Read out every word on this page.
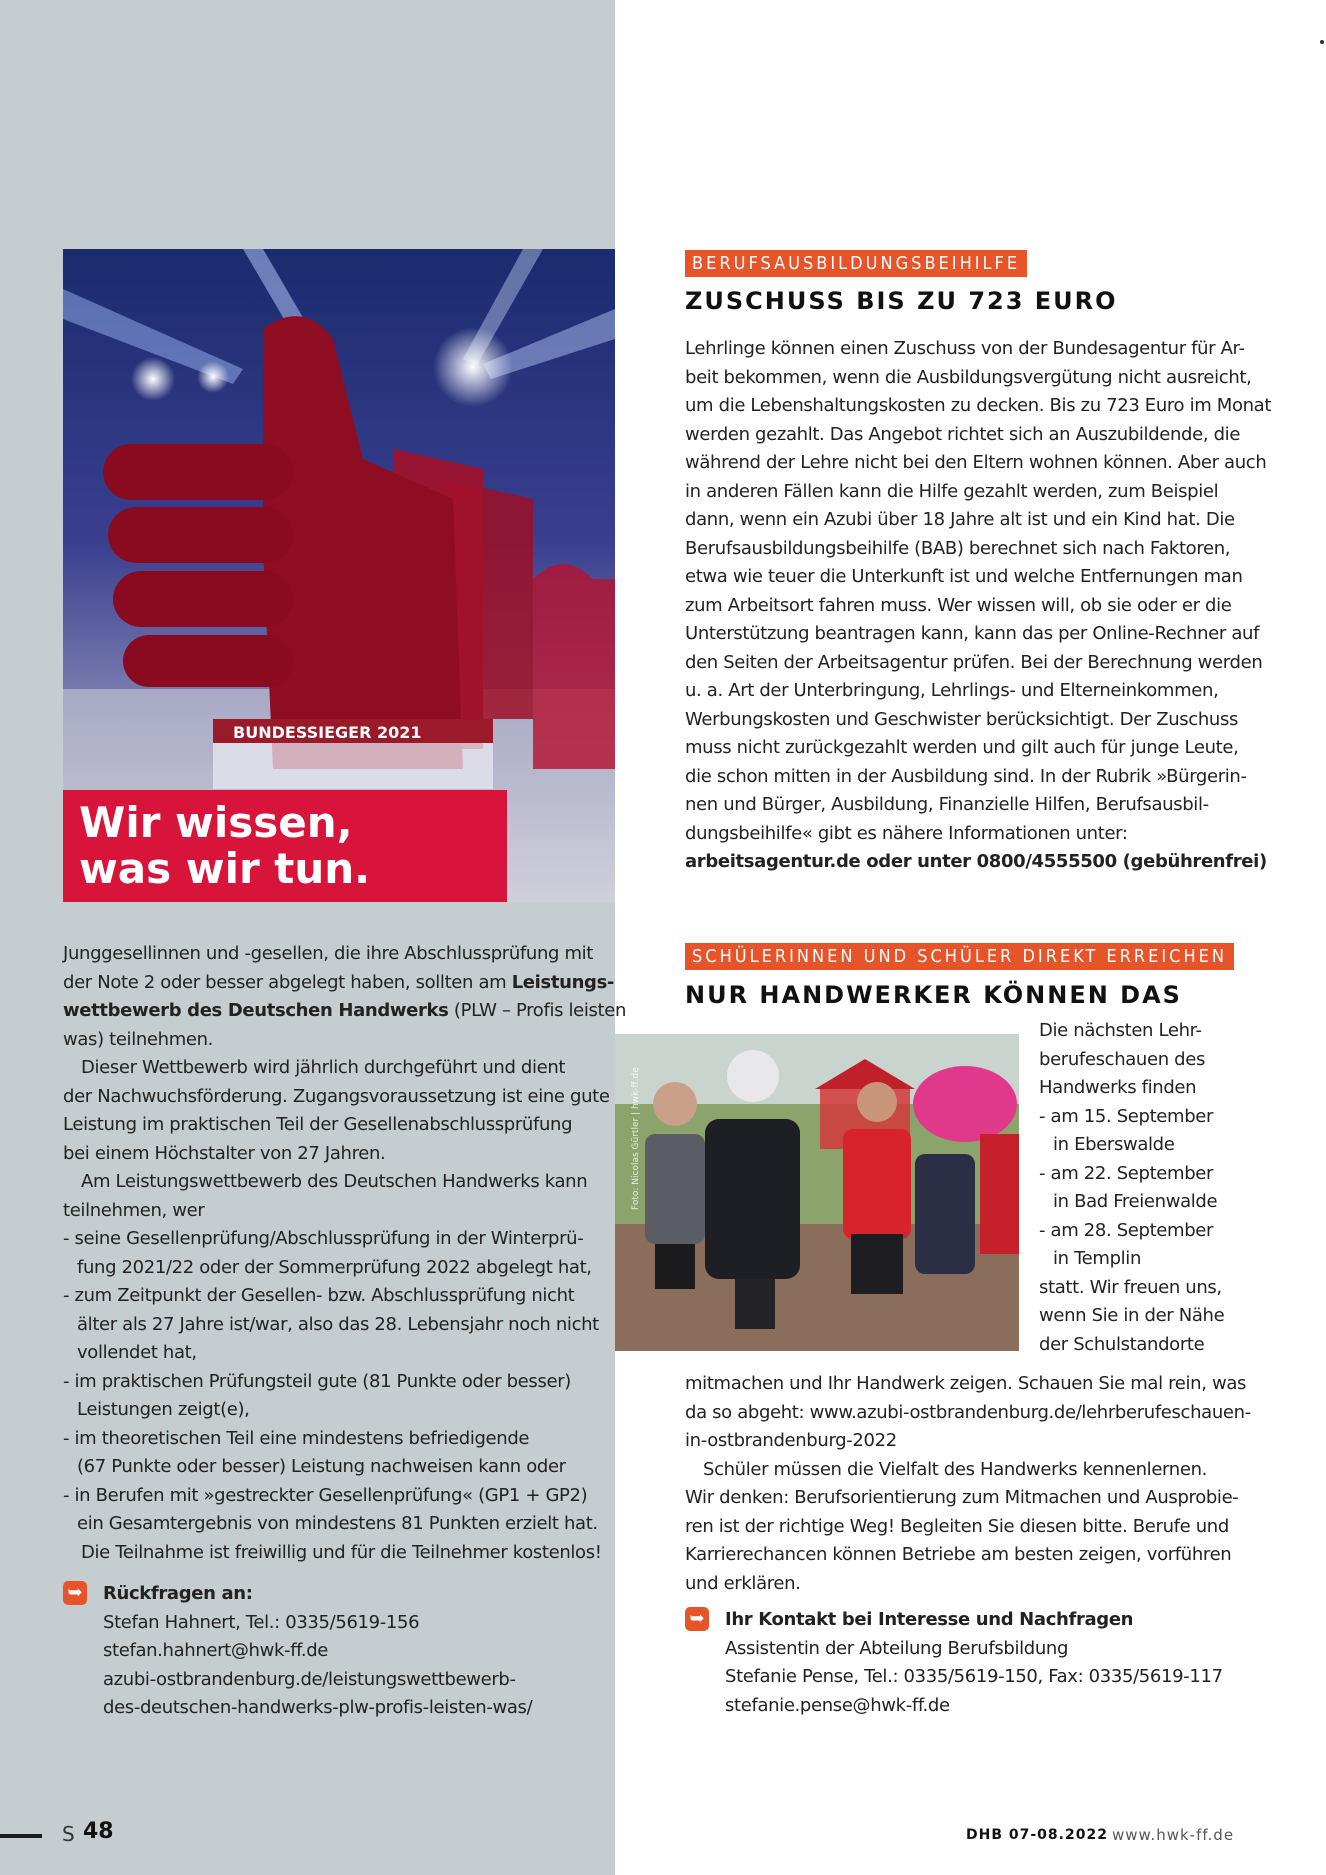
BUNDESSIEGER 2021
Wir wissen,
was wir tun.
BERUFSAUSBILDUNGSBEIHILFE
ZUSCHUSS BIS ZU 723 EURO

Lehrlinge können einen Zuschuss von der Bundesagentur für Ar-

beit bekommen, wenn die Ausbildungsvergütung nicht ausreicht,

um die Lebenshaltungskosten zu decken. Bis zu 723 Euro im Monat

werden gezahlt. Das Angebot richtet sich an Auszubildende, die

während der Lehre nicht bei den Eltern wohnen können. Aber auch

in anderen Fällen kann die Hilfe gezahlt werden, zum Beispiel

dann, wenn ein Azubi über 18 Jahre alt ist und ein Kind hat. Die

Berufsausbildungsbeihilfe (BAB) berechnet sich nach Faktoren,

etwa wie teuer die Unterkunft ist und welche Entfernungen man

zum Arbeitsort fahren muss. Wer wissen will, ob sie oder er die

Unterstützung beantragen kann, kann das per Online-Rechner auf

den Seiten der Arbeitsagentur prüfen. Bei der Berechnung werden

u. a. Art der Unterbringung, Lehrlings- und Elterneinkommen,

Werbungskosten und Geschwister berücksichtigt. Der Zuschuss

muss nicht zurückgezahlt werden und gilt auch für junge Leute,

die schon mitten in der Ausbildung sind. In der Rubrik »Bürgerin-

nen und Bürger, Ausbildung, Finanzielle Hilfen, Berufsausbil-

dungsbeihilfe« gibt es nähere Informationen unter:

arbeitsagentur.de oder unter 0800/4555500 (gebührenfrei)

Junggesellinnen und -gesellen, die ihre Abschlussprüfung mit

der Note 2 oder besser abgelegt haben, sollten am Leistungs-

wettbewerb des Deutschen Handwerks (PLW – Profis leisten

was) teilnehmen.

Dieser Wettbewerb wird jährlich durchgeführt und dient

der Nachwuchsförderung. Zugangsvoraussetzung ist eine gute

Leistung im praktischen Teil der Gesellenabschlussprüfung

bei einem Höchstalter von 27 Jahren.

Am Leistungswettbewerb des Deutschen Handwerks kann

teilnehmen, wer

- seine Gesellenprüfung/Abschlussprüfung in der Winterprü-

fung 2021/22 oder der Sommerprüfung 2022 abgelegt hat,

- zum Zeitpunkt der Gesellen- bzw. Abschlussprüfung nicht

älter als 27 Jahre ist/war, also das 28. Lebensjahr noch nicht

vollendet hat,

- im praktischen Prüfungsteil gute (81 Punkte oder besser)

Leistungen zeigt(e),

- im theoretischen Teil eine mindestens befriedigende

(67 Punkte oder besser) Leistung nachweisen kann oder

- in Berufen mit »gestreckter Gesellenprüfung« (GP1 + GP2)

ein Gesamtergebnis von mindestens 81 Punkten erzielt hat.

Die Teilnahme ist freiwillig und für die Teilnehmer kostenlos!

➥ Rückfragen an:

Stefan Hahnert, Tel.: 0335/5619-156

stefan.hahnert@hwk-ff.de

azubi-ostbrandenburg.de/leistungswettbewerb-

des-deutschen-handwerks-plw-profis-leisten-was/

SCHÜLERINNEN UND SCHÜLER DIREKT ERREICHEN
NUR HANDWERKER KÖNNEN DAS
Foto: Nicolas Gürtler | hwk-ff.de

Die nächsten Lehr-

berufeschauen des

Handwerks finden

- am 15. September

in Eberswalde

- am 22. September

in Bad Freienwalde

- am 28. September

in Templin

statt. Wir freuen uns,

wenn Sie in der Nähe

der Schulstandorte

mitmachen und Ihr Handwerk zeigen. Schauen Sie mal rein, was

da so abgeht: www.azubi-ostbrandenburg.de/lehrberufeschauen-

in-ostbrandenburg-2022

Schüler müssen die Vielfalt des Handwerks kennenlernen.

Wir denken: Berufsorientierung zum Mitmachen und Ausprobie-

ren ist der richtige Weg! Begleiten Sie diesen bitte. Berufe und

Karrierechancen können Betriebe am besten zeigen, vorführen

und erklären.

➥ Ihr Kontakt bei Interesse und Nachfragen

Assistentin der Abteilung Berufsbildung

Stefanie Pense, Tel.: 0335/5619-150, Fax: 0335/5619-117

stefanie.pense@hwk-ff.de

S 48	DHB 07-08.2022 www.hwk-ff.de
